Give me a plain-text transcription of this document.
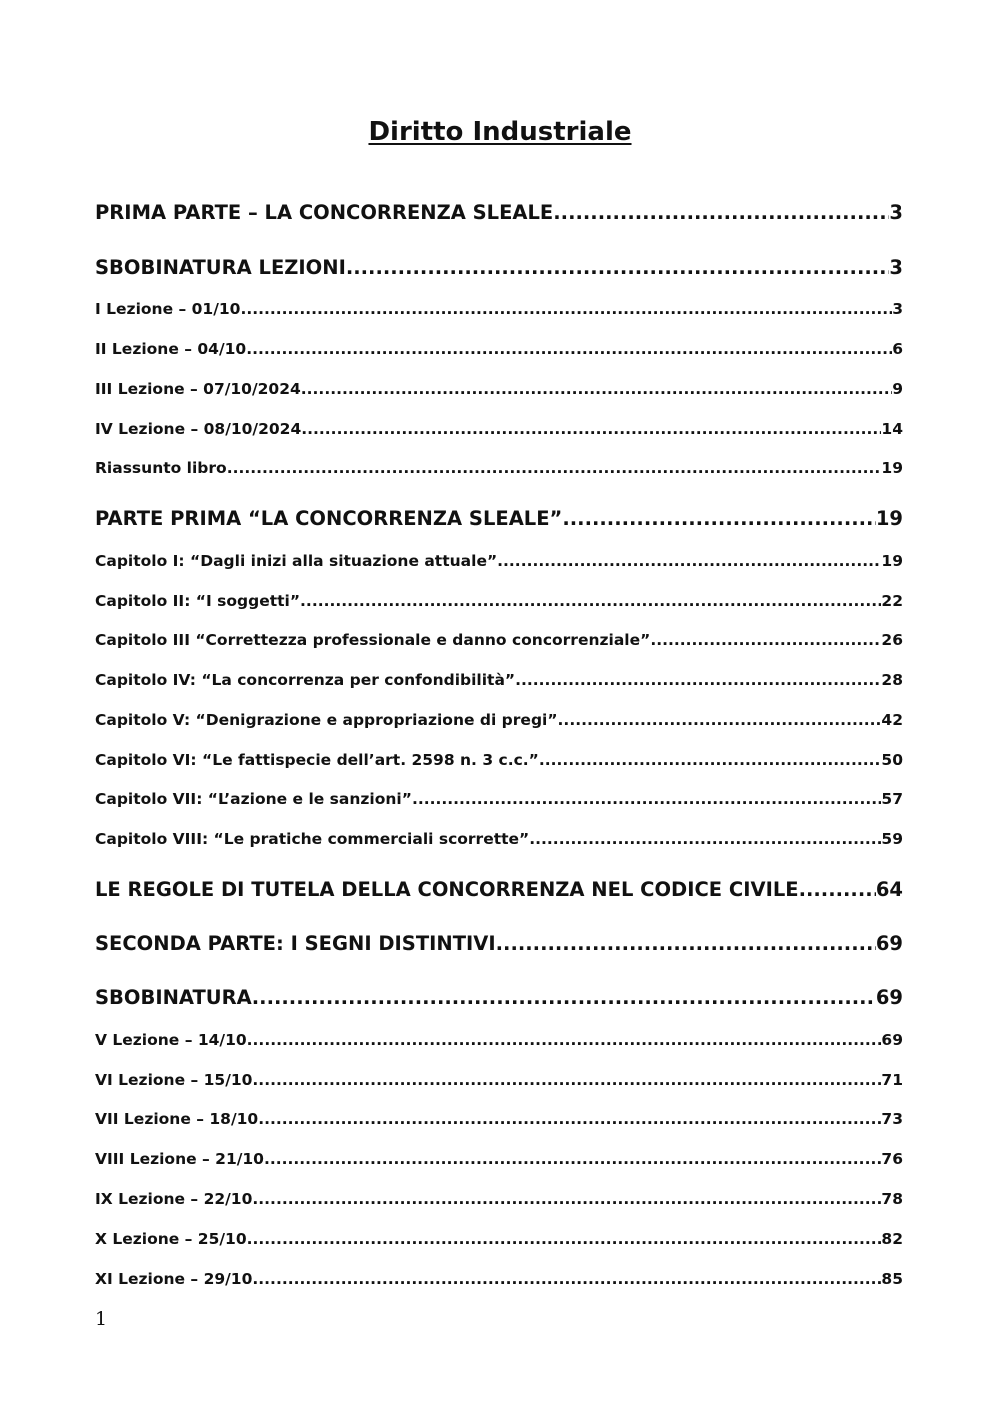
Diritto Industriale
PRIMA PARTE – LA CONCORRENZA SLEALE .....	3
SBOBINATURA LEZIONI .....	3
I Lezione – 01/10 .....	3
II Lezione – 04/10 .....	6
III Lezione – 07/10/2024 .....	9
IV Lezione – 08/10/2024 .....	14
Riassunto libro .....	19
PARTE PRIMA “LA CONCORRENZA SLEALE” .....	19
Capitolo I: “Dagli inizi alla situazione attuale” .....	19
Capitolo II: “I soggetti” .....	22
Capitolo III “Correttezza professionale e danno concorrenziale” .....	26
Capitolo IV: “La concorrenza per confondibilità” .....	28
Capitolo V: “Denigrazione e appropriazione di pregi” .....	42
Capitolo VI: “Le fattispecie dell’art. 2598 n. 3 c.c.” .....	50
Capitolo VII: “L’azione e le sanzioni” .....	57
Capitolo VIII: “Le pratiche commerciali scorrette” .....	59
LE REGOLE DI TUTELA DELLA CONCORRENZA NEL CODICE CIVILE .....	64
SECONDA PARTE: I SEGNI DISTINTIVI .....	69
SBOBINATURA .....	69
V Lezione – 14/10 .....	69
VI Lezione – 15/10 .....	71
VII Lezione – 18/10 .....	73
VIII Lezione – 21/10 .....	76
IX Lezione – 22/10 .....	78
X Lezione – 25/10 .....	82
XI Lezione – 29/10 .....	85
1
